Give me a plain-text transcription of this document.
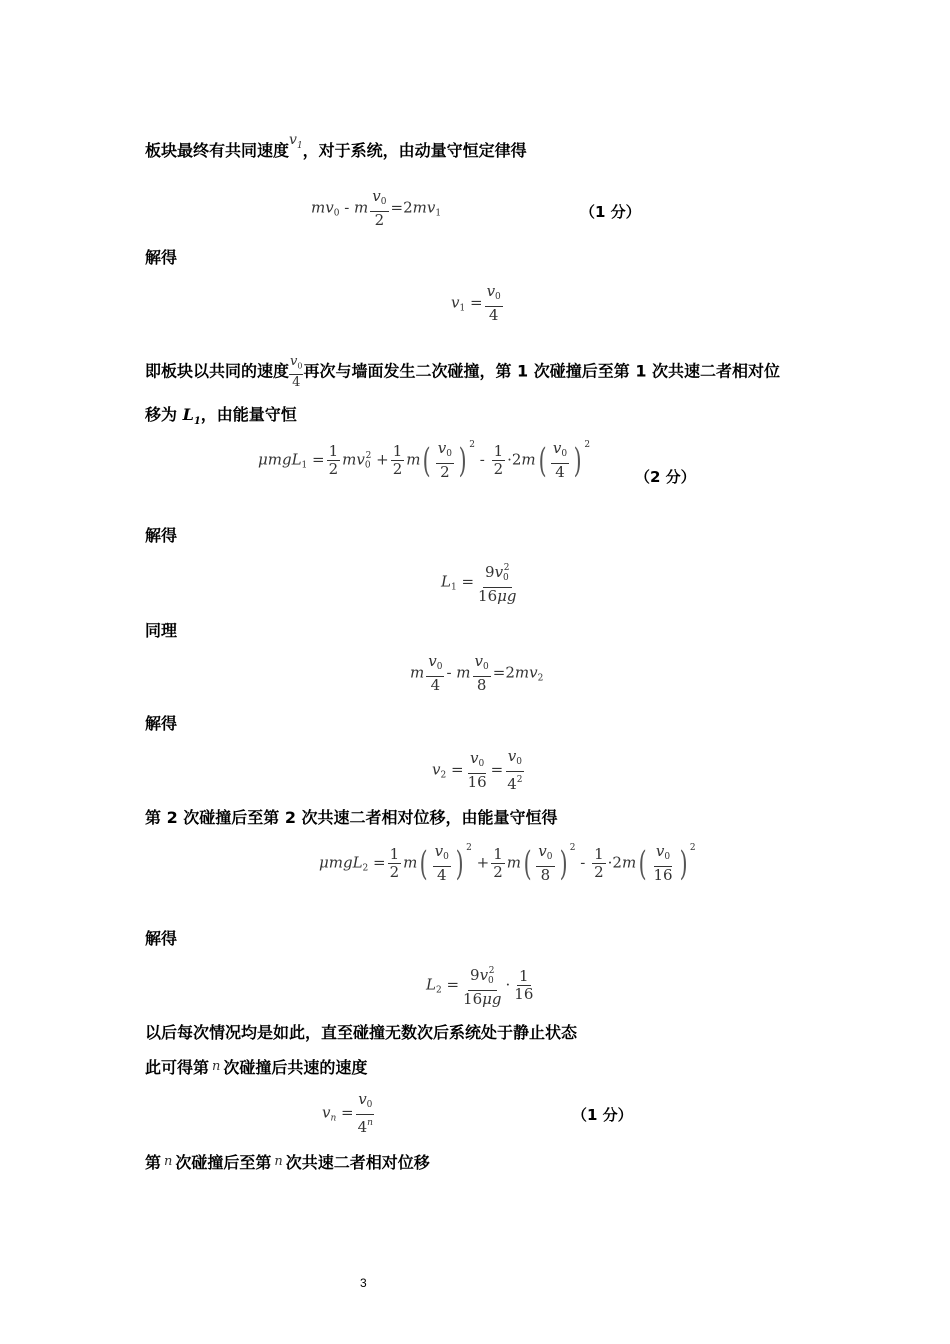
板块最终有共同速度$v_1$，对于系统，由动量守恒定律得
$mv_0 - m \frac{v_0}{2} =2mv_1$	（1 分）
解得
$v_1 = \frac{v_0}{4}$
即板块以共同的速度 $\frac{v_0}{4}$ 再次与墙面发生二次碰撞，第 1 次碰撞后至第 1 次共速二者相对位
移为 $L_1$，由能量守恒
$\mu mgL_1 = \frac{1}{2} mv_0^2 + \frac{1}{2}$ m ( $\frac{v_0}{2}$ ) $^2$
- $\frac{1}{2} \cdot 2m$ ( $\frac{v_0}{4}$ ) $^2$
（2 分）
解得
$L_1 = \frac{9v_0^2}{16\mu g}$
同理
m $\frac{v_0}{4} - m \frac{v_0}{8} =2mv_2$
解得
$v_2 = \frac{v_0}{16} = \frac{v_0}{4^2}$
第 2 次碰撞后至第 2 次共速二者相对位移，由能量守恒得
$\mu mgL_2 = \frac{1}{2}$ m ( $\frac{v_0}{4}$ ) $^2$
+ $\frac{1}{2}$ m ( $\frac{v_0}{8}$ ) $^2$
- $\frac{1}{2} \cdot 2m$ ( $\frac{v_0}{16}$ ) $^2$
解得
$L_2 = \frac{9v_0^2}{16\mu g} \cdot \frac{1}{16}$
以后每次情况均是如此，直至碰撞无数次后系统处于静止状态
此可得第 n 次碰撞后共速的速度
$v_n = \frac{v_0}{4^n}$	（1 分）
第 n 次碰撞后至第 n 次共速二者相对位移
3
